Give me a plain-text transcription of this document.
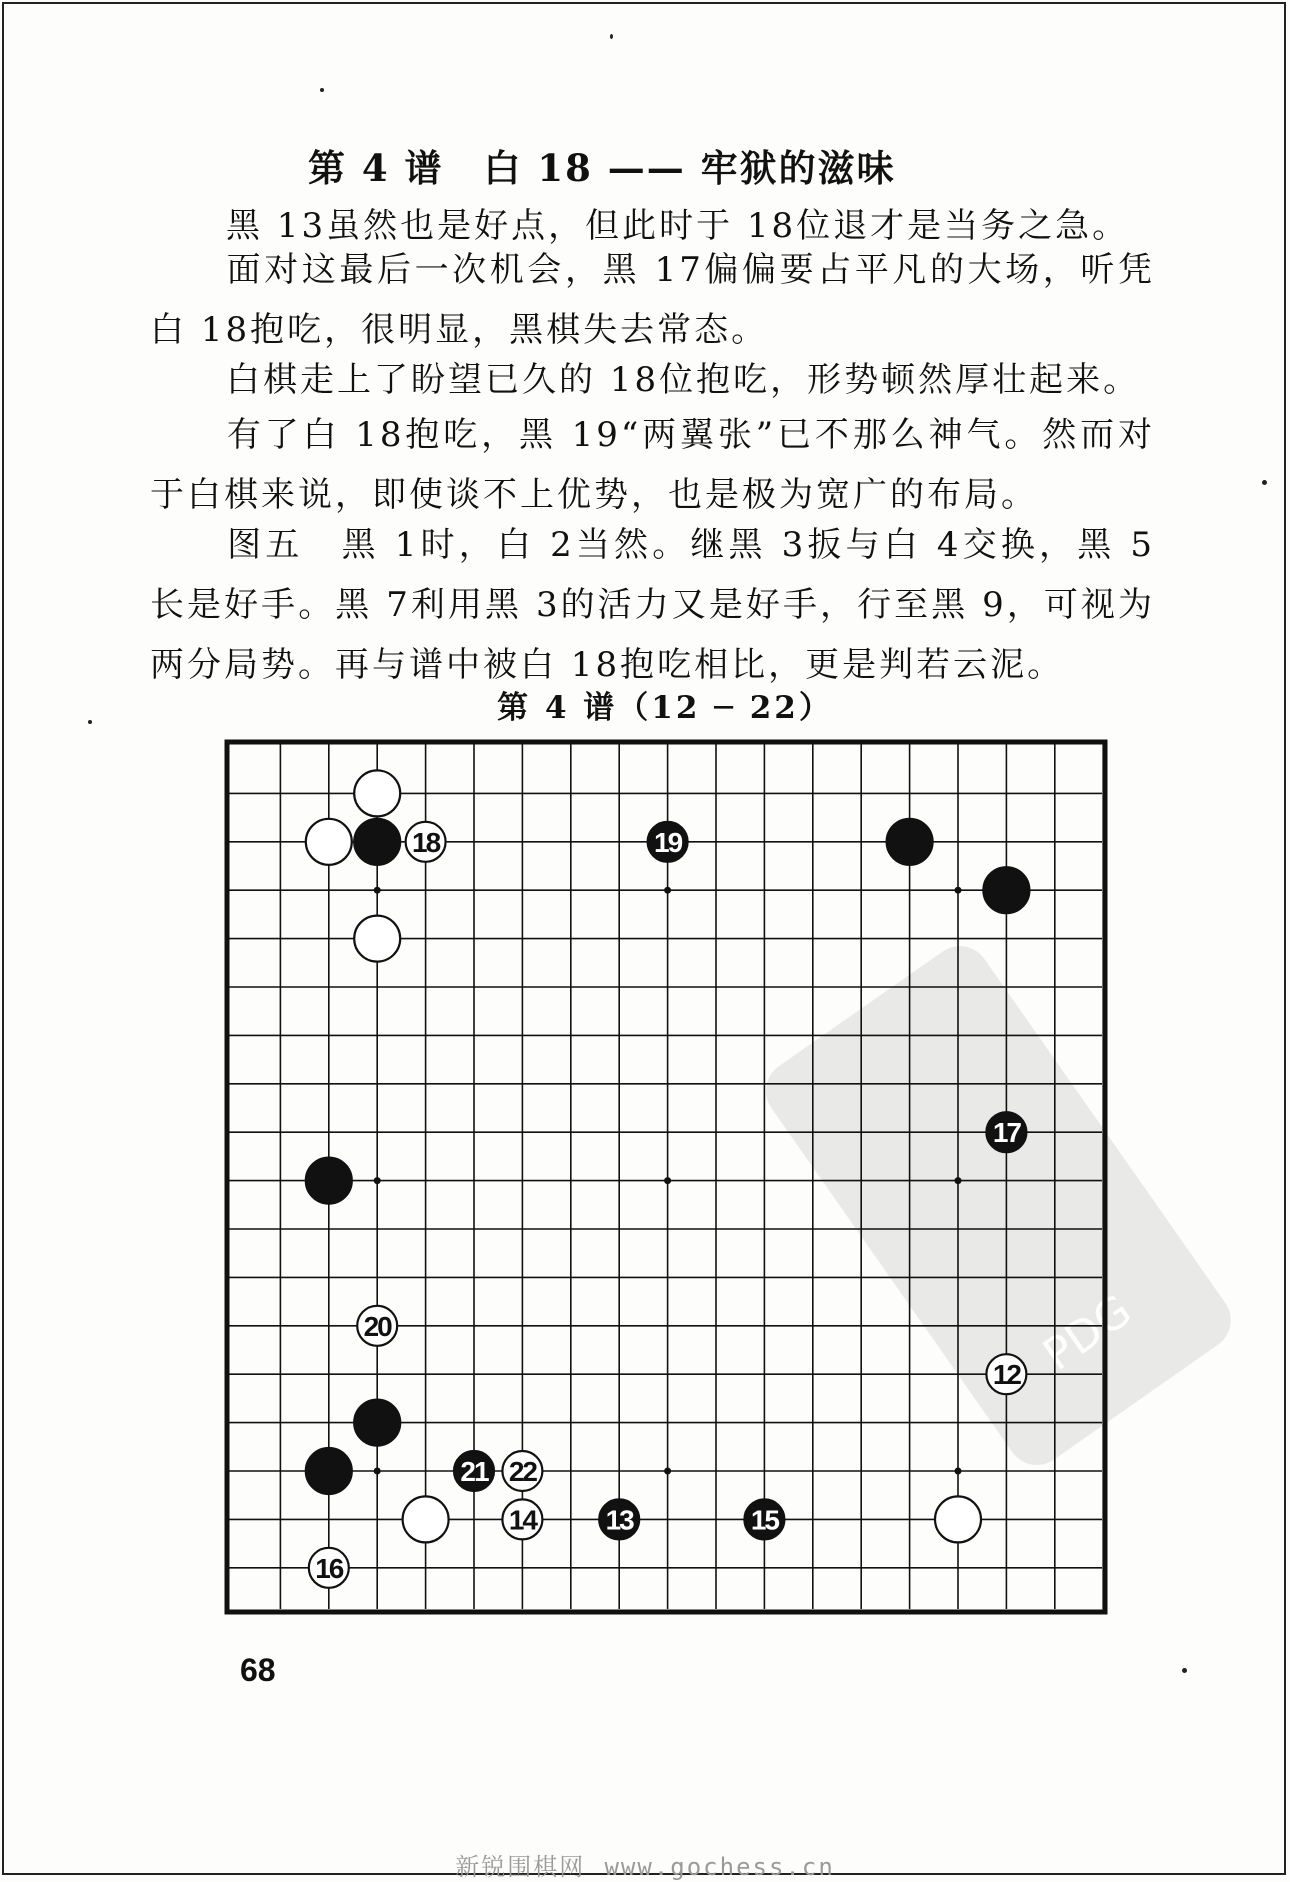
第 4 谱 白 18 —— 牢狱的滋味

黑 13虽然也是好点，但此时于 18位退才是当务之急。

面对这最后一次机会，黑 17偏偏要占平凡的大场，听凭白 18抱吃，很明显，黑棋失去常态。

白棋走上了盼望已久的 18位抱吃，形势顿然厚壮起来。

有了白 18抱吃，黑 19“两翼张”已不那么神气。然而对于白棋来说，即使谈不上优势，也是极为宽广的布局。

图五　黑 1时，白 2当然。继黑 3扳与白 4交换，黑 5长是好手。黑 7利用黑 3的活力又是好手，行至黑 9，可视为两分局势。再与谱中被白 18抱吃相比，更是判若云泥。

第 4 谱（12 ─ 22）
PDG
18	19
17
20
12
21 22
14 13	15
16
68
新锐围棋网 www.gochess.cn
